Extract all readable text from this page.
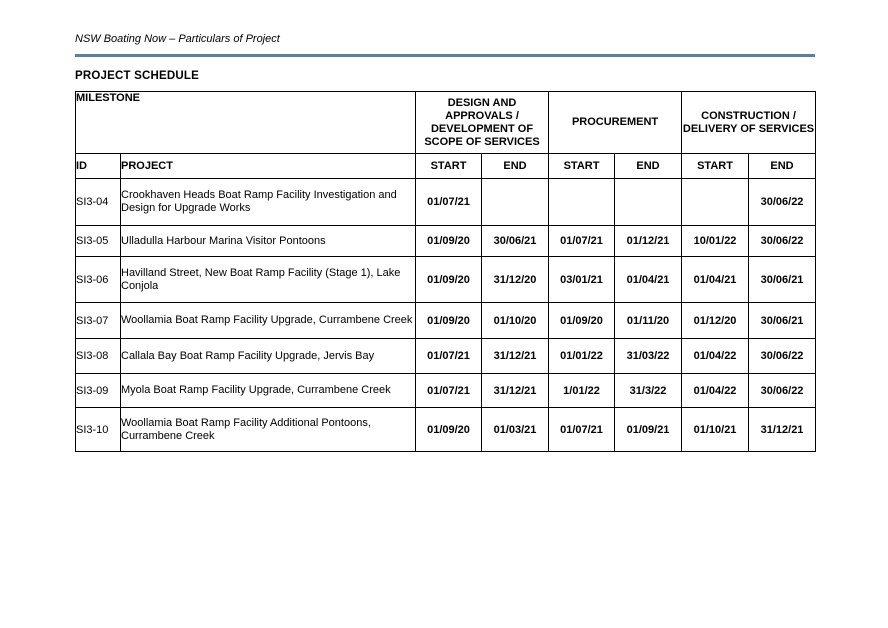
NSW Boating Now – Particulars of Project
PROJECT SCHEDULE
MILESTONE		DESIGN AND APPROVALS / DEVELOPMENT OF SCOPE OF SERVICES		PROCUREMENT		CONSTRUCTION / DELIVERY OF SERVICES	
ID	PROJECT	START	END	START	END	START	END
SI3-04	Crookhaven Heads Boat Ramp Facility Investigation and Design for Upgrade Works	01/07/21					30/06/22
SI3-05	Ulladulla Harbour Marina Visitor Pontoons	01/09/20	30/06/21	01/07/21	01/12/21	10/01/22	30/06/22
SI3-06	Havilland Street, New Boat Ramp Facility (Stage 1), Lake Conjola	01/09/20	31/12/20	03/01/21	01/04/21	01/04/21	30/06/21
SI3-07	Woollamia Boat Ramp Facility Upgrade, Currambene Creek	01/09/20	01/10/20	01/09/20	01/11/20	01/12/20	30/06/21
SI3-08	Callala Bay Boat Ramp Facility Upgrade, Jervis Bay	01/07/21	31/12/21	01/01/22	31/03/22	01/04/22	30/06/22
SI3-09	Myola Boat Ramp Facility Upgrade, Currambene Creek	01/07/21	31/12/21	1/01/22	31/3/22	01/04/22	30/06/22
SI3-10	Woollamia Boat Ramp Facility Additional Pontoons, Currambene Creek	01/09/20	01/03/21	01/07/21	01/09/21	01/10/21	31/12/21
